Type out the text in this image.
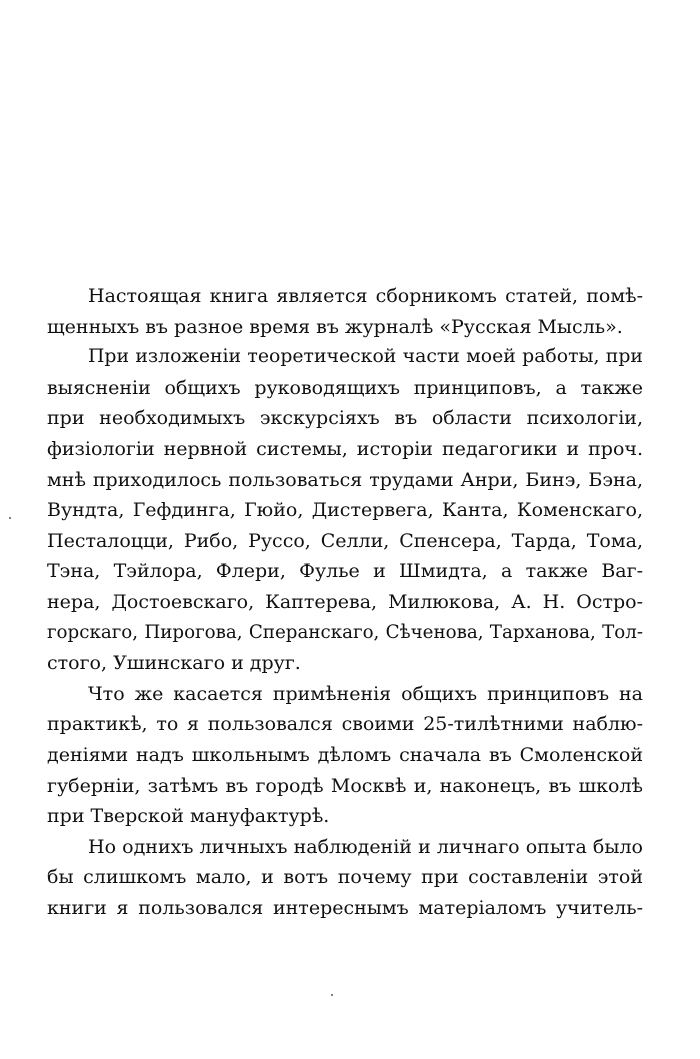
Настоящая книга является сборникомъ статей, помѣ-
щенныхъ въ разное время въ журналѣ «Русская Мысль».
При изложеніи теоретической части моей работы, при
выясненіи общихъ руководящихъ принциповъ, а также
при необходимыхъ экскурсіяхъ въ области психологіи,
физіологіи нервной системы, исторіи педагогики и проч.
мнѣ приходилось пользоваться трудами Анри, Бинэ, Бэна,
Вундта, Гефдинга, Гюйо, Дистервега, Канта, Коменскаго,
Песталоцци, Рибо, Руссо, Селли, Спенсера, Тарда, Тома,
Тэна, Тэйлора, Флери, Фулье и Шмидта, а также Ваг-
нера, Достоевскаго, Каптерева, Милюкова, А. Н. Остро-
горскаго, Пирогова, Сперанскаго, Сѣченова, Тарханова, Тол-
стого, Ушинскаго и друг.
Что же касается примѣненія общихъ принциповъ на
практикѣ, то я пользовался своими 25-тилѣтними наблю-
деніями надъ школьнымъ дѣломъ сначала въ Смоленской
губерніи, затѣмъ въ городѣ Москвѣ и, наконецъ, въ школѣ
при Тверской мануфактурѣ.
Но однихъ личныхъ наблюденій и личнаго опыта было
бы слишкомъ мало, и вотъ почему при составленіи этой
книги я пользовался интереснымъ матеріаломъ учитель-
